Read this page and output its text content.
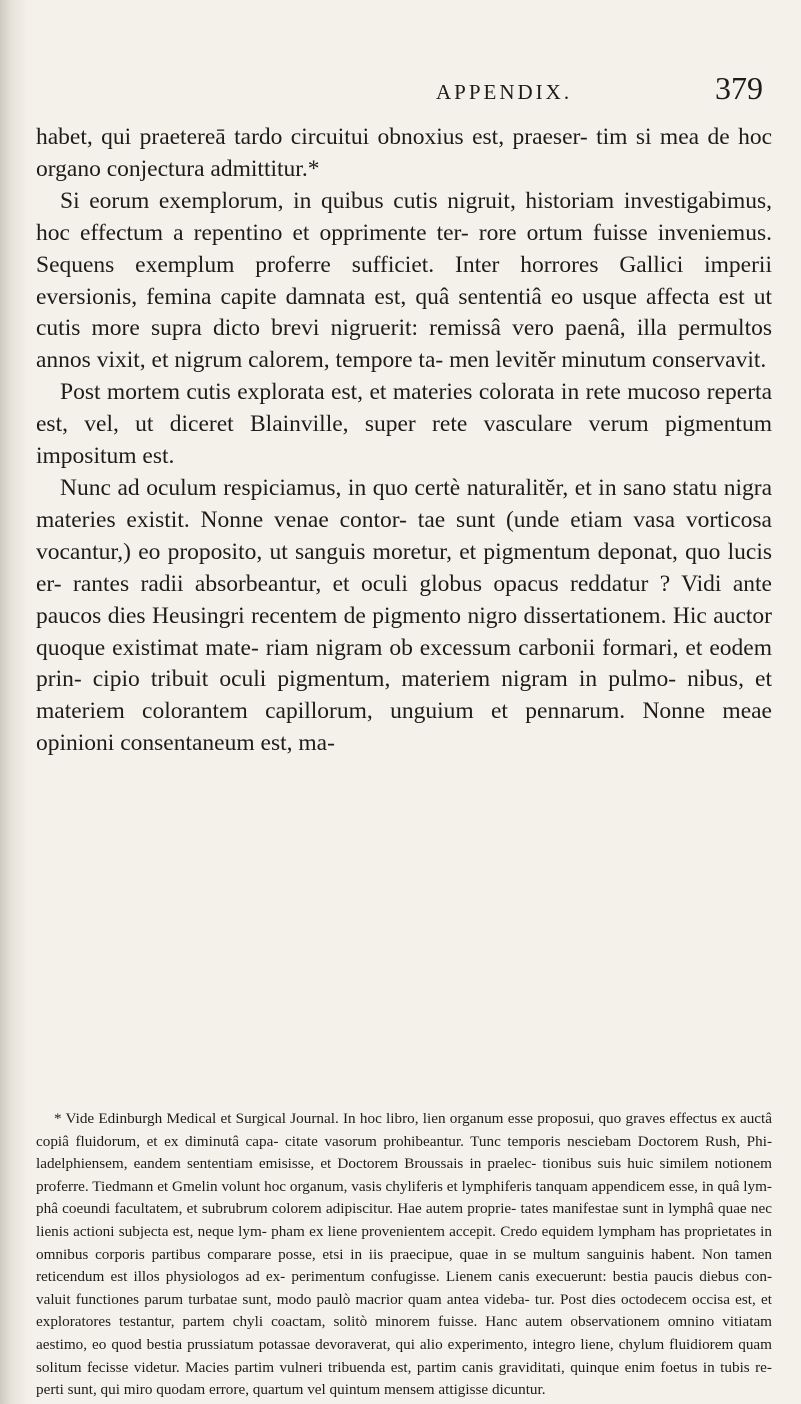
APPENDIX.	379

habet, qui praetereā tardo circuitui obnoxius est, praeser- tim si mea de hoc organo conjectura admittitur.*

Si eorum exemplorum, in quibus cutis nigruit, historiam investigabimus, hoc effectum a repentino et opprimente ter- rore ortum fuisse inveniemus. Sequens exemplum proferre sufficiet. Inter horrores Gallici imperii eversionis, femina capite damnata est, quâ sententiâ eo usque affecta est ut cutis more supra dicto brevi nigruerit: remissâ vero paenâ, illa permultos annos vixit, et nigrum calorem, tempore ta- men levitĕr minutum conservavit.

Post mortem cutis explorata est, et materies colorata in rete mucoso reperta est, vel, ut diceret Blainville, super rete vasculare verum pigmentum impositum est.

Nunc ad oculum respiciamus, in quo certè naturalitĕr, et in sano statu nigra materies existit. Nonne venae contor- tae sunt (unde etiam vasa vorticosa vocantur,) eo proposito, ut sanguis moretur, et pigmentum deponat, quo lucis er- rantes radii absorbeantur, et oculi globus opacus reddatur ? Vidi ante paucos dies Heusingri recentem de pigmento nigro dissertationem. Hic auctor quoque existimat mate- riam nigram ob excessum carbonii formari, et eodem prin- cipio tribuit oculi pigmentum, materiem nigram in pulmo- nibus, et materiem colorantem capillorum, unguium et pennarum. Nonne meae opinioni consentaneum est, ma-

* Vide Edinburgh Medical et Surgical Journal. In hoc libro, lien organum esse proposui, quo graves effectus ex auctâ copiâ fluidorum, et ex diminutâ capa- citate vasorum prohibeantur. Tunc temporis nesciebam Doctorem Rush, Phi- ladelphiensem, eandem sententiam emisisse, et Doctorem Broussais in praelec- tionibus suis huic similem notionem proferre. Tiedmann et Gmelin volunt hoc organum, vasis chyliferis et lymphiferis tanquam appendicem esse, in quâ lym- phâ coeundi facultatem, et subrubrum colorem adipiscitur. Hae autem proprie- tates manifestae sunt in lymphâ quae nec lienis actioni subjecta est, neque lym- pham ex liene provenientem accepit. Credo equidem lympham has proprietates in omnibus corporis partibus comparare posse, etsi in iis praecipue, quae in se multum sanguinis habent. Non tamen reticendum est illos physiologos ad ex- perimentum confugisse. Lienem canis execuerunt: bestia paucis diebus con- valuit functiones parum turbatae sunt, modo paulò macrior quam antea videba- tur. Post dies octodecem occisa est, et exploratores testantur, partem chyli coactam, solitò minorem fuisse. Hanc autem observationem omnino vitiatam aestimo, eo quod bestia prussiatum potassae devoraverat, qui alio experimento, integro liene, chylum fluidiorem quam solitum fecisse videtur. Macies partim vulneri tribuenda est, partim canis graviditati, quinque enim foetus in tubis re- perti sunt, qui miro quodam errore, quartum vel quintum mensem attigisse dicuntur.
